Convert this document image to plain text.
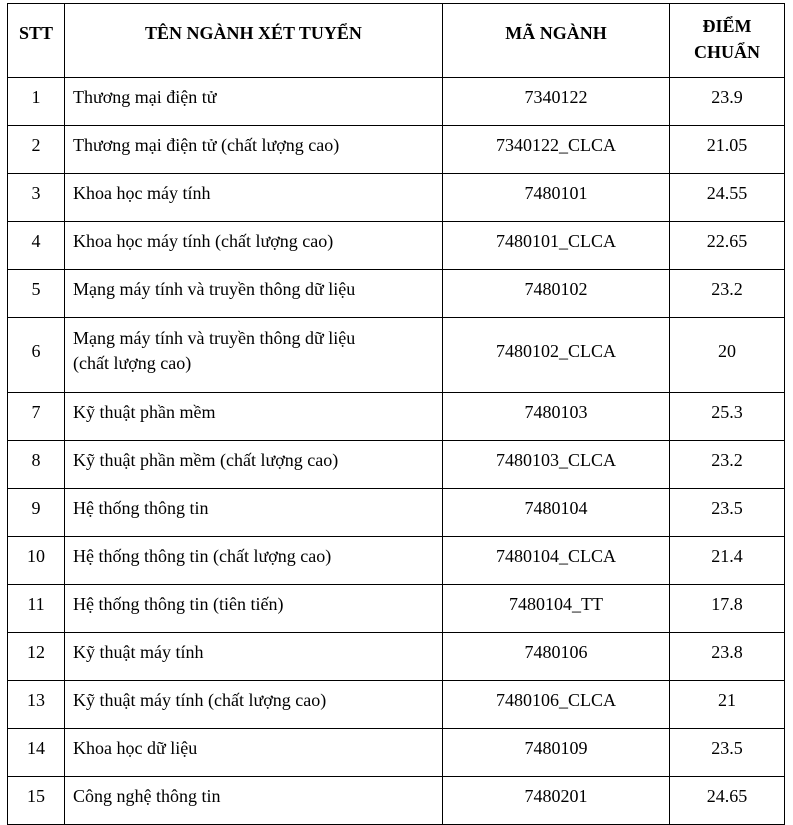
STT	TÊN NGÀNH XÉT TUYỂN	MÃ NGÀNH	ĐIỂM
CHUẨN
1	Thương mại điện tử	7340122	23.9
2	Thương mại điện tử (chất lượng cao)	7340122_CLCA	21.05
3	Khoa học máy tính	7480101	24.55
4	Khoa học máy tính (chất lượng cao)	7480101_CLCA	22.65
5	Mạng máy tính và truyền thông dữ liệu	7480102	23.2
6	Mạng máy tính và truyền thông dữ liệu
(chất lượng cao)	7480102_CLCA	20
7	Kỹ thuật phần mềm	7480103	25.3
8	Kỹ thuật phần mềm (chất lượng cao)	7480103_CLCA	23.2
9	Hệ thống thông tin	7480104	23.5
10	Hệ thống thông tin (chất lượng cao)	7480104_CLCA	21.4
11	Hệ thống thông tin (tiên tiến)	7480104_TT	17.8
12	Kỹ thuật máy tính	7480106	23.8
13	Kỹ thuật máy tính (chất lượng cao)	7480106_CLCA	21
14	Khoa học dữ liệu	7480109	23.5
15	Công nghệ thông tin	7480201	24.65
